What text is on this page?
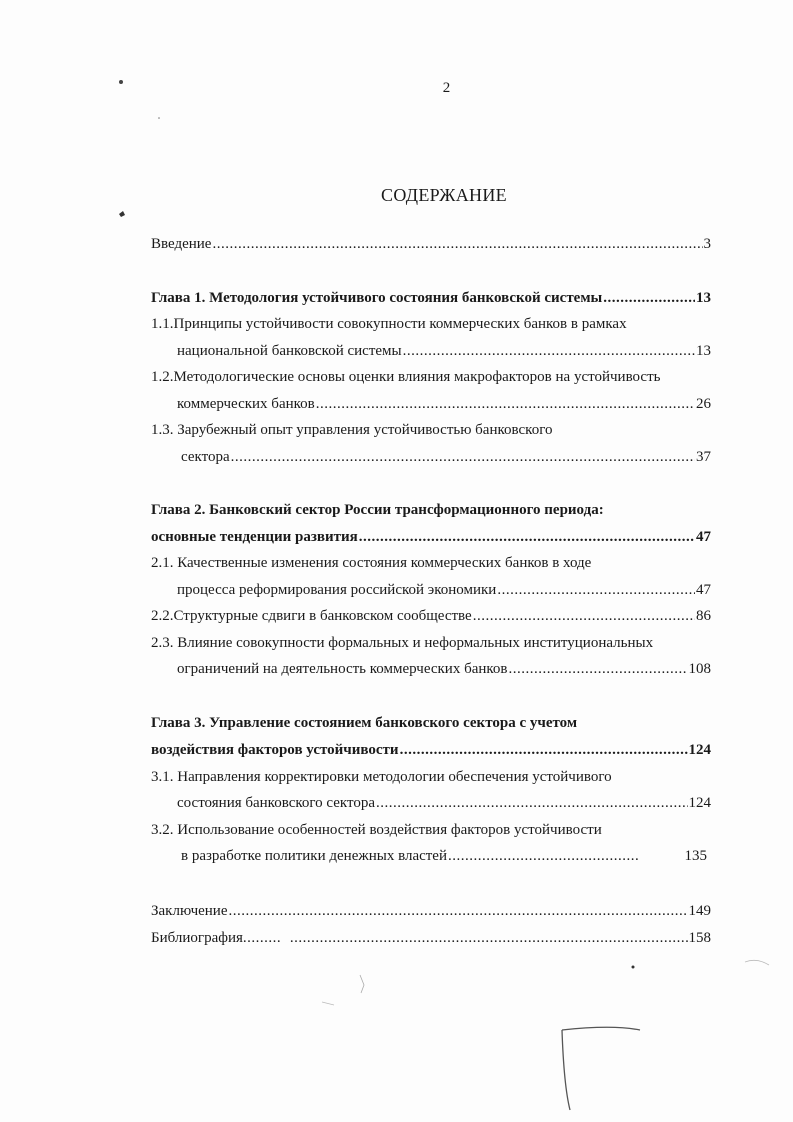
2
СОДЕРЖАНИЕ
Введение .....	3
Глава 1. Методология устойчивого состояния банковской системы .....	13
1.1.Принципы устойчивости совокупности коммерческих банков в рамках
национальной банковской системы .....	13
1.2.Методологические основы оценки влияния макрофакторов на устойчивость
коммерческих банков .....	26
1.3. Зарубежный опыт управления устойчивостью банковского
сектора .....	37
Глава 2. Банковский сектор России трансформационного периода:
основные тенденции развития .....	47
2.1. Качественные изменения состояния коммерческих банков в ходе
процесса реформирования российской экономики .....	47
2.2.Структурные сдвиги в банковском сообществе .....	86
2.3. Влияние совокупности формальных и неформальных институциональных
ограничений на деятельность коммерческих банков .....	108
Глава 3. Управление состоянием банковского сектора с учетом
воздействия факторов устойчивости .....	124
3.1. Направления корректировки методологии обеспечения устойчивого
состояния банковского сектора .....	124
3.2. Использование особенностей воздействия факторов устойчивости
в разработке политики денежных властей .....	135
Заключение .....	149
Библиография ......... .....	158
